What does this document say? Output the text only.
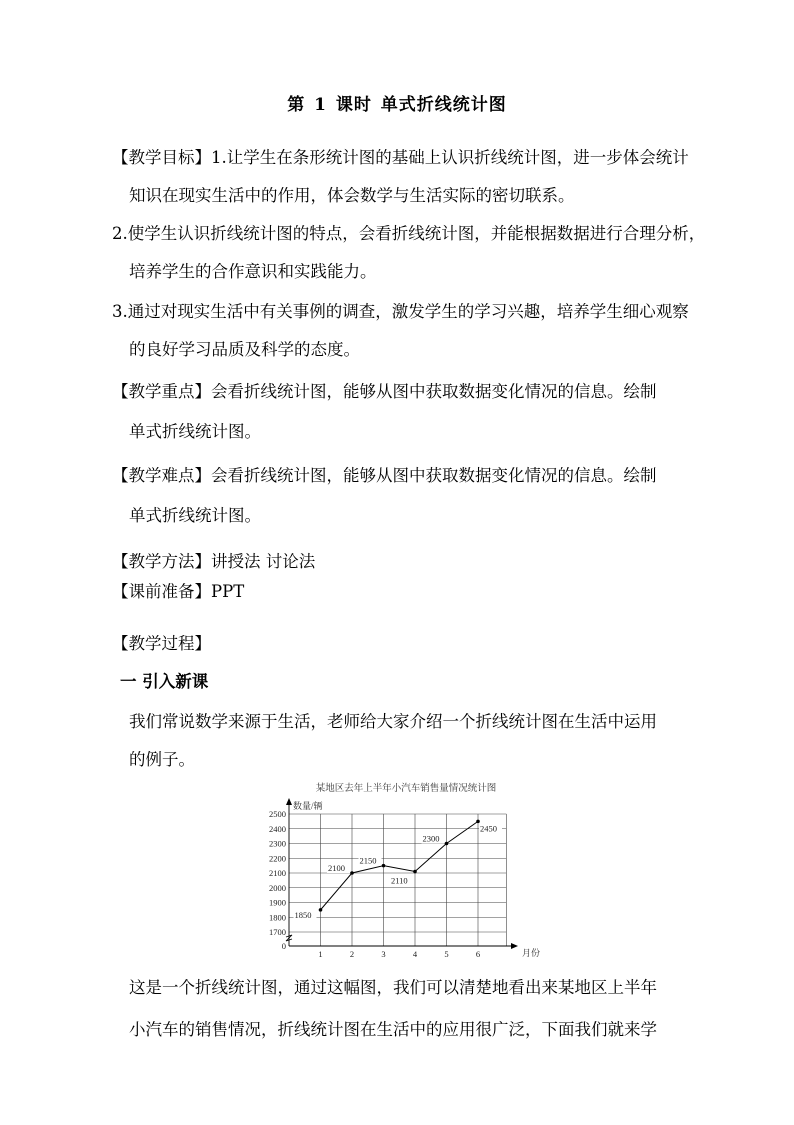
第 1 课时 单式折线统计图
【教学目标】1.让学生在条形统计图的基础上认识折线统计图，进一步体会统计
知识在现实生活中的作用，体会数学与生活实际的密切联系。
2.使学生认识折线统计图的特点，会看折线统计图，并能根据数据进行合理分析，
培养学生的合作意识和实践能力。
3.通过对现实生活中有关事例的调查，激发学生的学习兴趣，培养学生细心观察
的良好学习品质及科学的态度。
【教学重点】会看折线统计图，能够从图中获取数据变化情况的信息。绘制
单式折线统计图。
【教学难点】会看折线统计图，能够从图中获取数据变化情况的信息。绘制
单式折线统计图。
【教学方法】讲授法 讨论法
【课前准备】PPT
【教学过程】
一 引入新课
我们常说数学来源于生活，老师给大家介绍一个折线统计图在生活中运用
的例子。
某地区去年上半年小汽车销售量情况统计图
数量/辆
月份
1700
1800
1900
2000
2100
2200
2300
2400
2500
0
1	2	3	4	5	6
1850
2100
2150
2110
2300
2450
这是一个折线统计图，通过这幅图，我们可以清楚地看出来某地区上半年
小汽车的销售情况，折线统计图在生活中的应用很广泛，下面我们就来学
